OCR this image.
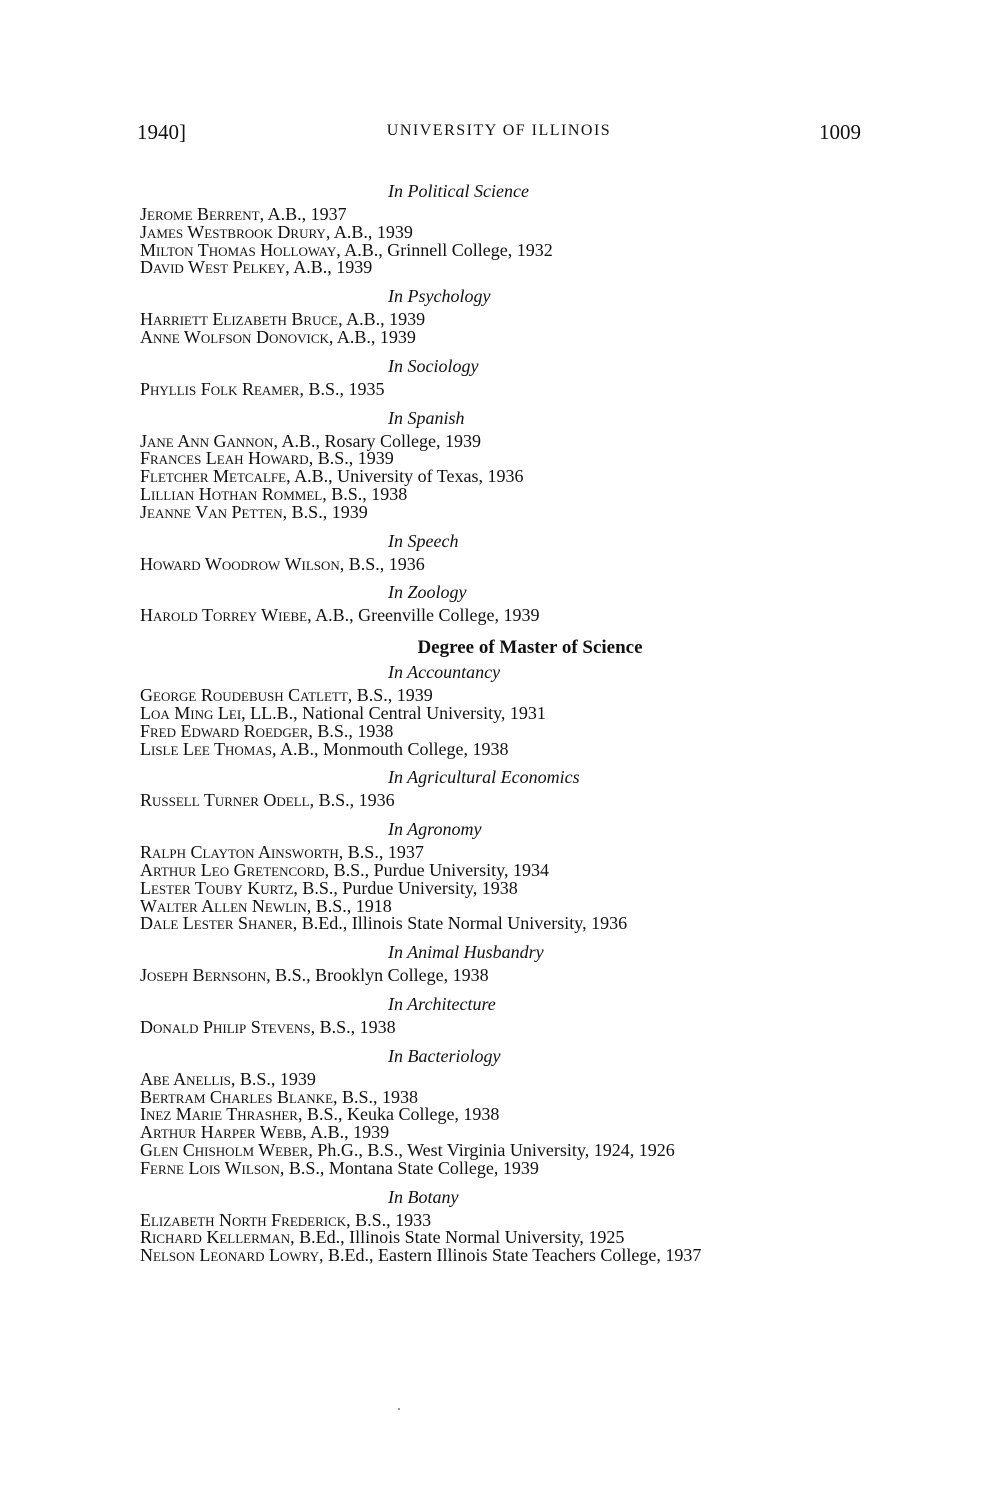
1940]	UNIVERSITY OF ILLINOIS	1009
In Political Science
Jerome Berrent, A.B., 1937
James Westbrook Drury, A.B., 1939
Milton Thomas Holloway, A.B., Grinnell College, 1932
David West Pelkey, A.B., 1939
In Psychology
Harriett Elizabeth Bruce, A.B., 1939
Anne Wolfson Donovick, A.B., 1939
In Sociology
Phyllis Folk Reamer, B.S., 1935
In Spanish
Jane Ann Gannon, A.B., Rosary College, 1939
Frances Leah Howard, B.S., 1939
Fletcher Metcalfe, A.B., University of Texas, 1936
Lillian Hothan Rommel, B.S., 1938
Jeanne Van Petten, B.S., 1939
In Speech
Howard Woodrow Wilson, B.S., 1936
In Zoology
Harold Torrey Wiebe, A.B., Greenville College, 1939
Degree of Master of Science
In Accountancy
George Roudebush Catlett, B.S., 1939
Loa Ming Lei, LL.B., National Central University, 1931
Fred Edward Roedger, B.S., 1938
Lisle Lee Thomas, A.B., Monmouth College, 1938
In Agricultural Economics
Russell Turner Odell, B.S., 1936
In Agronomy
Ralph Clayton Ainsworth, B.S., 1937
Arthur Leo Gretencord, B.S., Purdue University, 1934
Lester Touby Kurtz, B.S., Purdue University, 1938
Walter Allen Newlin, B.S., 1918
Dale Lester Shaner, B.Ed., Illinois State Normal University, 1936
In Animal Husbandry
Joseph Bernsohn, B.S., Brooklyn College, 1938
In Architecture
Donald Philip Stevens, B.S., 1938
In Bacteriology
Abe Anellis, B.S., 1939
Bertram Charles Blanke, B.S., 1938
Inez Marie Thrasher, B.S., Keuka College, 1938
Arthur Harper Webb, A.B., 1939
Glen Chisholm Weber, Ph.G., B.S., West Virginia University, 1924, 1926
Ferne Lois Wilson, B.S., Montana State College, 1939
In Botany
Elizabeth North Frederick, B.S., 1933
Richard Kellerman, B.Ed., Illinois State Normal University, 1925
Nelson Leonard Lowry, B.Ed., Eastern Illinois State Teachers College, 1937
